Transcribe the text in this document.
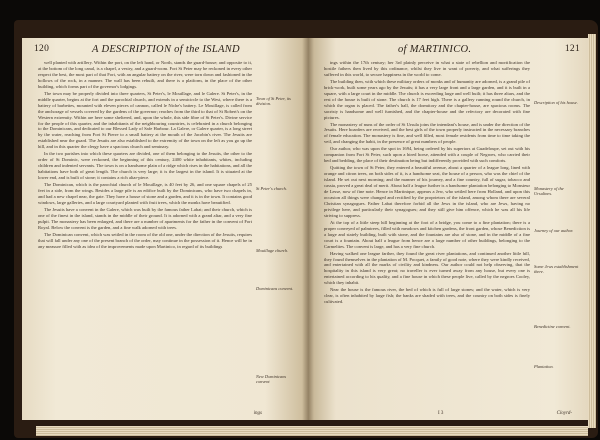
120	A DESCRIPTION of the ISLAND

well planted with artillery. Within the port, on the left hand, or North, stands the guard-house; and opposite to it, at the bottom of the long canal, is a chapel, a vestry, and a guard-room. Fort St Peter may be reckoned in every other respect the best, the most part of that Fort, with an angular battery on the river, were torn down and fashioned in the hollows of the rock, in a manner. The wall has been rebuilt, and there is a platform, in the place of the other building, which forms part of the governor's lodgings.

The town may be properly divided into three quarters, St Peter's, le Mouillage, and le Galere. St Peter's, in the middle quarter, begins at the fort and the parochial church, and extends in a semicircle to the West, where there is a battery of barbettes, mounted with eleven pieces of cannon, called le Niche's battery. Le Mouillage, is called from the anchorage of vessels covered by the gardens of the governor; reaches from the third to that of St Robert's on the Western extremity. Within are here some sheltered, and, upon the whole, this side fibre of St Peter's. Divine service for the people of this quarter, and the inhabitants of the neighbouring countries, is celebrated in a church belonging to the Dominicans, and dedicated to our Blessed Lady of Safe Harbour. La Galere, or Galere quarter, is a long street by the water, reaching from Fort St Pierre to a small battery at the mouth of the Jacobin's river. The Jesuits are established near the guard. The Jesuits are also established to the extremity of the town on the left as you go up the hill, and in this quarter the clergy have a spacious church and seminary.

In the two parishes into which these quarters are divided, one of them belonging to the Jesuits, the other to the order of St Dominic, were reckoned, the beginning of this century, 2400 white inhabitants, whites, including children and indented servants. The town is on a handsome plain of a ridge which rises in the habitations, and all the habitations have both of great length. The church is very large; it is the largest in the island. It is situated at the lower end, and is built of stone; it contains a rich altar-piece.

The Dominican, which is the parochial church of le Mouillage, is 40 feet by 26, and one square chapels of 25 feet in a side, from the wings. Besides a large pile is an edifice built by the Dominicans, who have two chapels in, and had a new chapel near, the gate. They have a house of stone and a garden, and it is in the town. It contains good windows, large galleries, and a large courtyard planted with fruit trees, which the monks have beautified.

The Jesuits have a convent in the Galere, which was built by the famous father Labat; and their church, which is one of the finest in the island, stands in the middle of their ground. It is adorned with a grand altar, and a very fine pulpit. The monastery has been enlarged, and there are a number of apartments for the father in the convent of Fort Royal. Below the convent is the garden, and a fine walk adorned with trees.

The Dominican convent, which was settled in the room of the old one, under the direction of the Jesuits, requires that will fall under any one of the present branch of the order, may continue in the possession of it. Hence will be in any measure filled with as idea of the improvements made upon Martinico, in regard of its buildings

Town of St Peter, its division.
St Peter's church.
Mouillage church.
Dominicans convent.
New Dominicans convent
ings
of MARTINICO.	121

ings within the 17th century; her 3rd plainly perceive in what a state of rebellion and mortification the hostile fathers then lived by this ordinance, whilst they live in want of poverty, and what sufferings they suffered in this world, to secure happiness in the world to come.

The building then, with which these military orders of monks and of humanity are adorned, is a grand pile of brick-work, built some years ago by the Jesuits; it has a very large front and a large garden, and it is built in a square, with a large court in the middle. The church is exceeding large and well built; it has three altars, and the rest of the house is built of stone. The church is 17 feet high. There is a gallery running round the church, in which the organ is placed. The father's hall, the dormitory and the chapter-house, are spacious rooms. The sacristy is handsome and well furnished, and the chapter-house and the refectory are decorated with fine pictures.

The monastery of nuns of the order of St Ursula joins the intendant's house, and is under the direction of the Jesuits. Here boarders are received, and the best girls of the town properly instructed in the necessary branches of female education. The monastery is fine, and well filled, most female residents from time to time taking the veil, and changing the habit, in the presence of great numbers of people.

Our author, who was upon the spot in 1694, being ordered by his superiors at Guadeloupe, set out with his companion from Fort St Peter, such upon a hired horse, attended with a couple of Negroes, who carried their bed and bedding, the place of their destination being but indifferently provided with such comforts.

Quitting the town of St Peter, they entered a beautiful avenue, about a quarter of a league long, lined with orange and citron trees, on both sides of it, is a handsome seat, the house of a person, who was the chief of the island. He set out next morning; and the manner of his journey, and a fine country, full of sugar, tobacco and cassia, proved a great deal of merit. About half a league further is a handsome plantation belonging to Monsieur de Lesse, now of fine note. Hence in Martinique, appears a Jew, who settled here from Holland, and upon this occasion all things were changed and rectified by the proprietors of the island, among whom there are several Christian synagogues. Father Labat therefore forbid all the Jews in the island, who are Jews, having no privilege here, and particularly their synagogues; and they still give him offence, which he was all his life striving to suppress.

At the top of a little steep hill beginning at the foot of a bridge, you come to a fine plantation; there is a proper conveyed of palmtrees, filled with meadows and kitchen gardens, the front garden, whose Benediction is a large and stately building, built with stone, and the fountains are also of stone, and in the middle of a fine court is a fountain. About half a league from hence are a large number of other buildings, belonging to the Carmelites. The convent is large, and has a very fine church.

Having walked one league farther, they found the great river plantations, and continued another little hill, they found themselves in the plantation of M. Pocquet, a family of good note, where they were kindly received, and entertained with all the marks of civility and kindness. Our author could not help observing, that the hospitality in this island is very great; no traveller is ever turned away from any house, but every one is entertained according to his quality, and a fine house in which these people live, called by the negroes Cooley, which they inhabit.

Near the house is the famous river, the bed of which is full of large stones; and the water, which is very clear, is often inhabited by large fish; the banks are shaded with trees, and the country on both sides is finely cultivated.

Description of his house.
Monastery of the Ursulines.
Journey of our author.
Some Jews establishment there.
Benedictine convent.
Plantation.
I 3	Cloyrd-
